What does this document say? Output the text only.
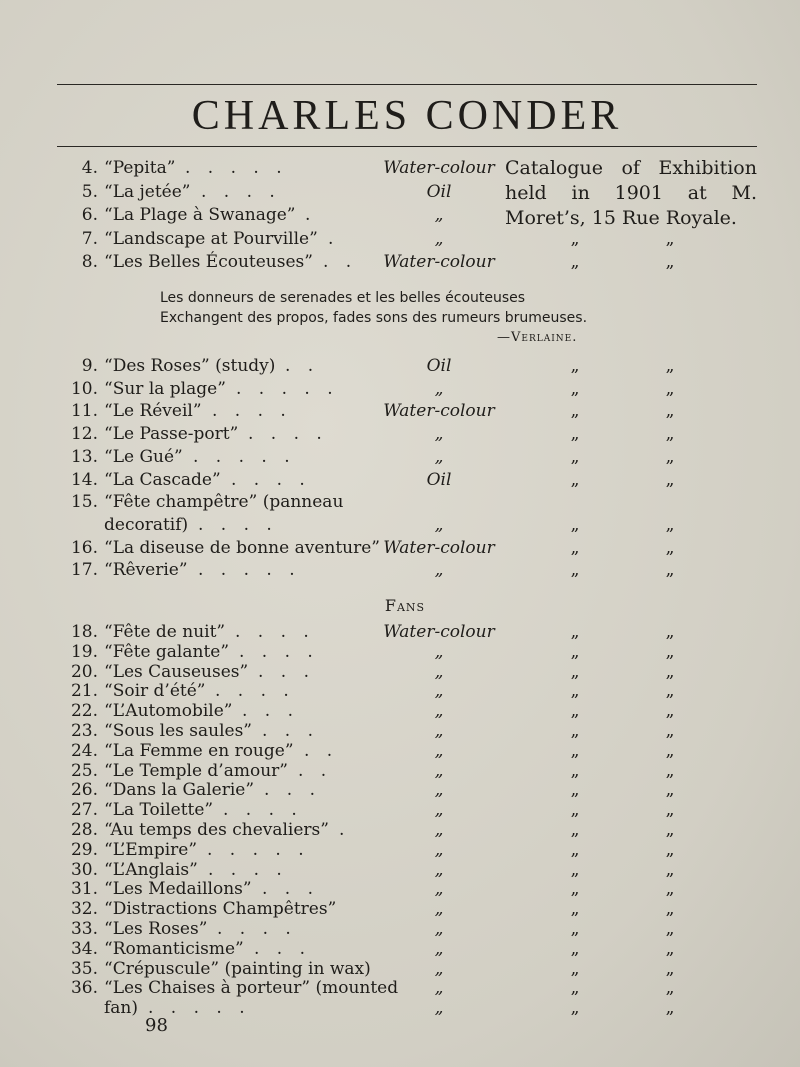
CHARLES CONDER
Catalogue of Exhibition held in 1901 at M. Moret’s, 15 Rue Royale.
4. “Pepita”	Water-colour
. . . . .
5. “La jetée”	Oil
. . . .
6. “La Plage à Swanage”	„
.
7. “Landscape at Pourville”	„	„	„
.
8. “Les Belles Écouteuses”	Water-colour	„	„
. .
Les donneurs de serenades et les belles écouteuses
Exchangent des propos, fades sons des rumeurs brumeuses.
—Verlaine.
9. “Des Roses” (study)	Oil	„	„
. .
10. “Sur la plage”	„	„	„
. . . . .
11. “Le Réveil”	Water-colour	„	„
. . . .
12. “Le Passe-port”	„	„	„
. . . .
13. “Le Gué”	„	„	„
. . . . .
14. “La Cascade”	Oil	„	„
. . . .
15. “Fête champêtre” (panneau
decoratif)	„	„	„
. . . .
16. “La diseuse de bonne aventure” Water-colour	„	„
17. “Rêverie”	„	„	„
. . . . .
Fans
18. “Fête de nuit”	Water-colour	„	„
. . . .
19. “Fête galante”	„	„	„
. . . .
20. “Les Causeuses”	„	„	„
. . .
21. “Soir d’été”	„	„	„
. . . .
22. “L’Automobile”	„	„	„
. . .
23. “Sous les saules”	„	„	„
. . .
24. “La Femme en rouge”	„	„	„
. .
25. “Le Temple d’amour”	„	„	„
. .
26. “Dans la Galerie”	„	„	„
. . .
27. “La Toilette”	„	„	„
. . . .
28. “Au temps des chevaliers”	„	„	„
.
29. “L’Empire”	„	„	„
. . . . .
30. “L’Anglais”	„	„	„
. . . .
31. “Les Medaillons”	„	„	„
. . .
32. “Distractions Champêtres”	„	„	„
33. “Les Roses”	„	„	„
. . . .
34. “Romanticisme”	„	„	„
. . .
35. “Crépuscule” (painting in wax)	„	„	„
36. “Les Chaises à porteur” (mounted	„	„	„
fan)	„	„	„
. . . . .
98
